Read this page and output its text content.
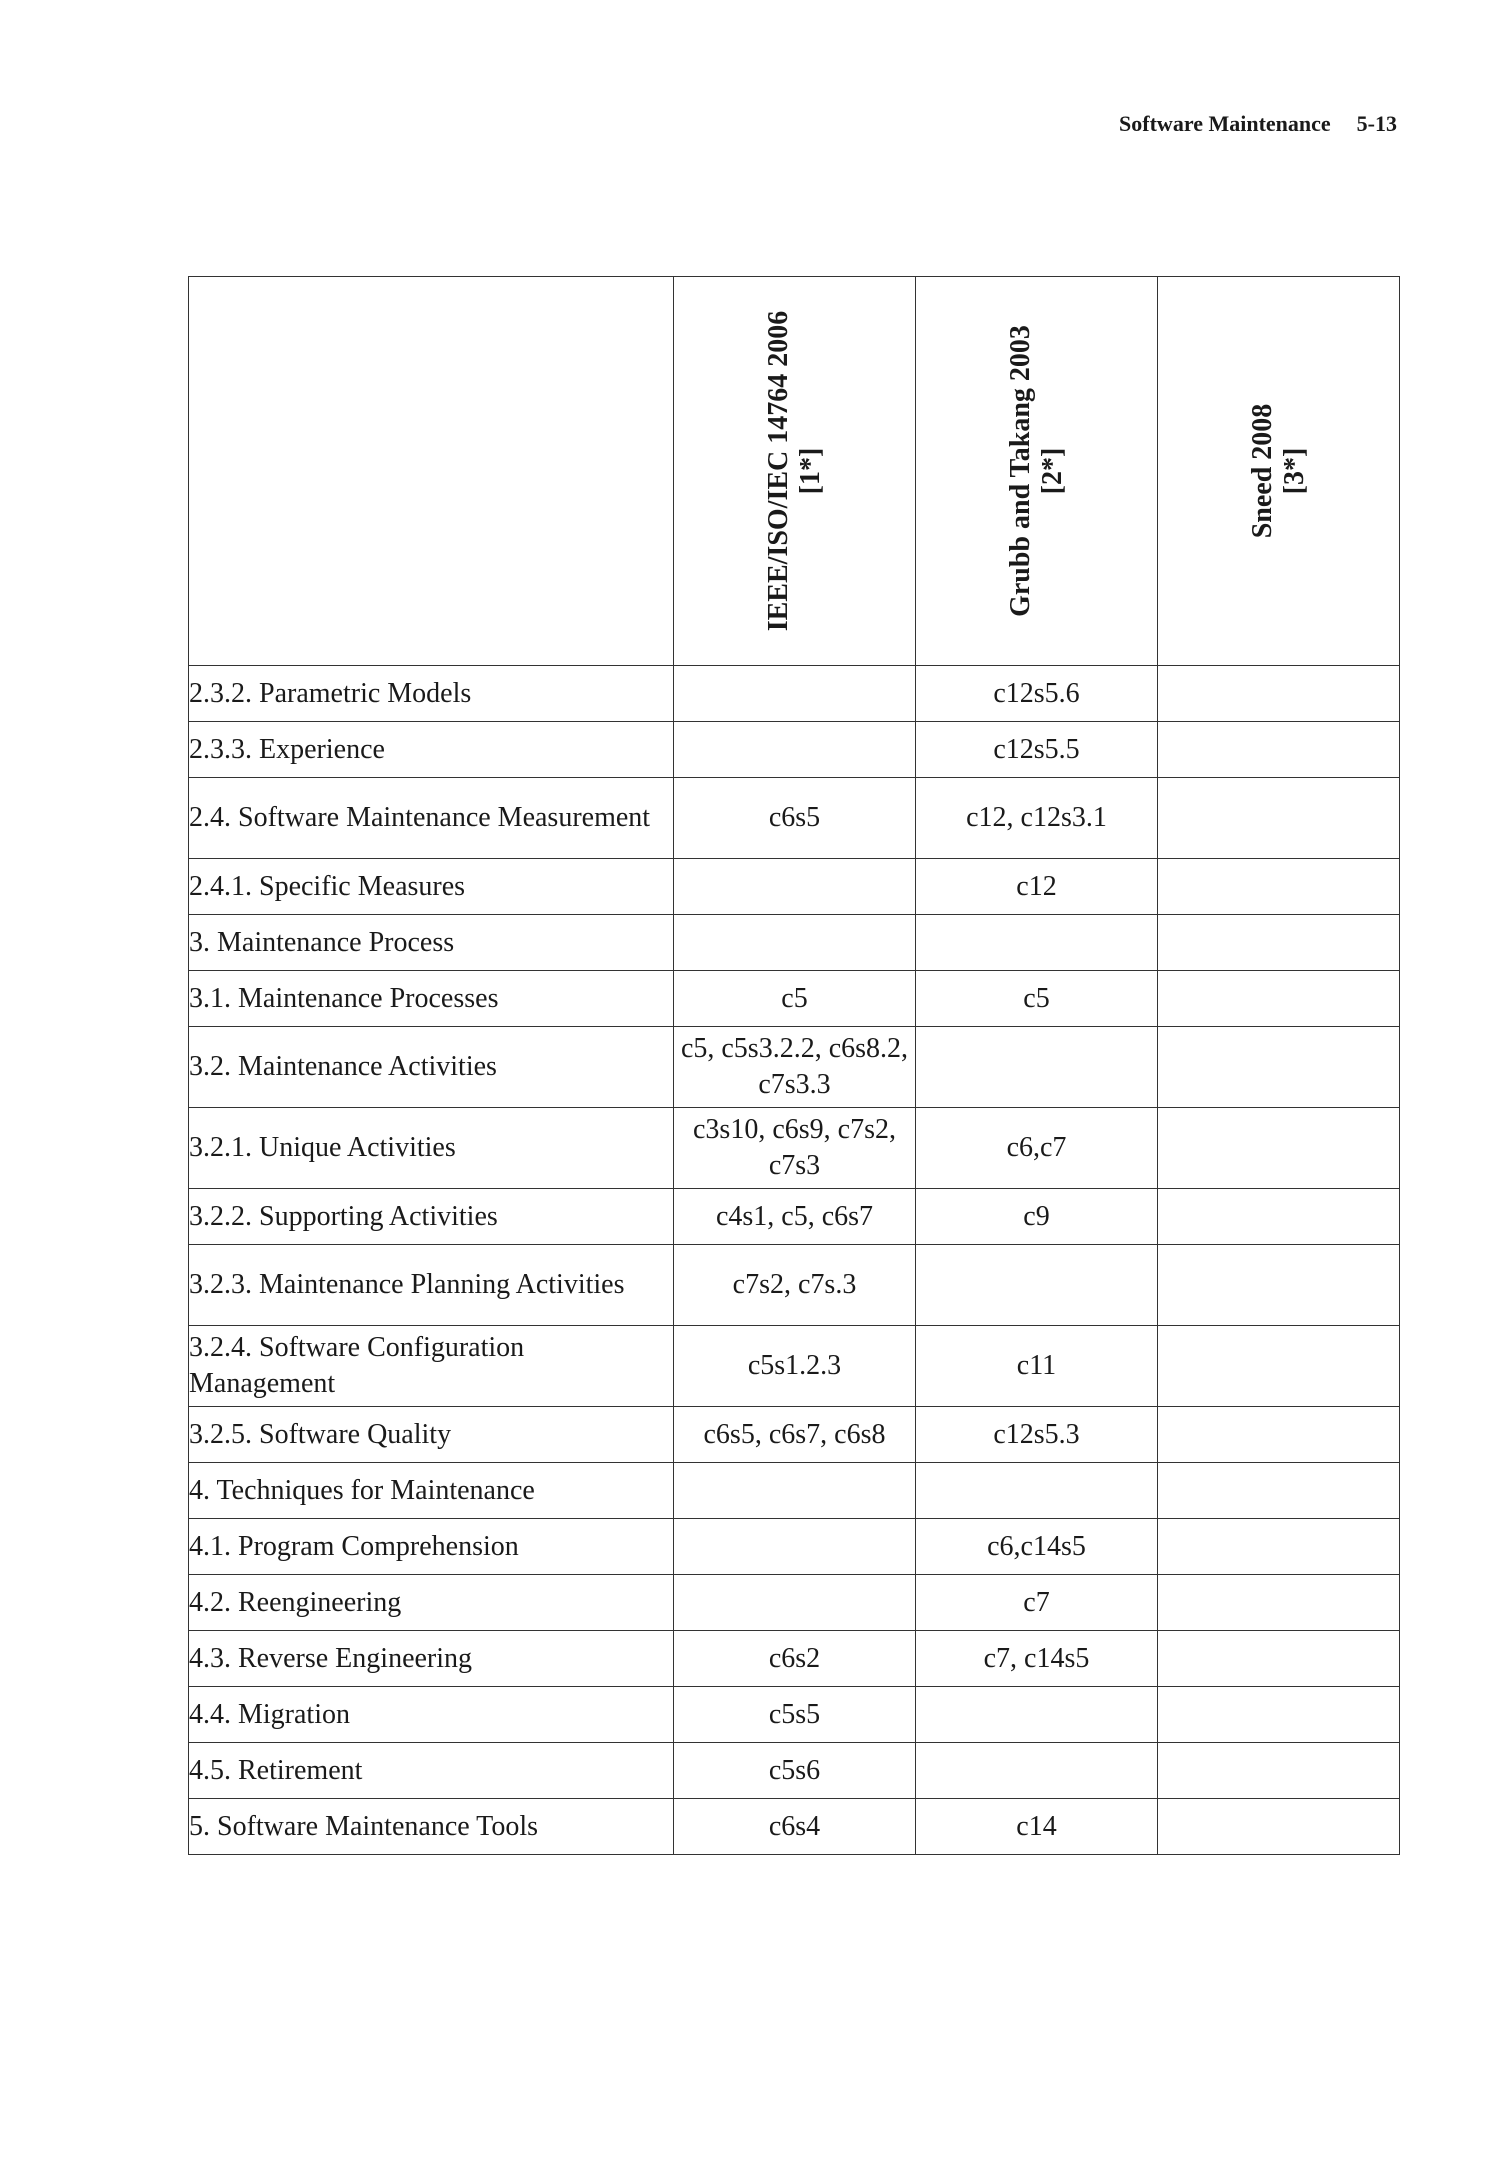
Software Maintenance 5-13

	IEEE/ISO/IEC 14764 2006 [1*]	Grubb and Takang 2003 [2*]	Sneed 2008 [3*]

2.3.2. Parametric Models		c12s5.6	
2.3.3. Experience		c12s5.5	
2.4. Software Maintenance Measurement	c6s5	c12, c12s3.1	
2.4.1. Specific Measures		c12	
3. Maintenance Process			
3.1. Maintenance Processes	c5	c5	
3.2. Maintenance Activities	c5, c5s3.2.2, c6s8.2, c7s3.3		
3.2.1. Unique Activities	c3s10, c6s9, c7s2, c7s3	c6,c7	
3.2.2. Supporting Activities	c4s1, c5, c6s7	c9	
3.2.3. Maintenance Planning Activities	c7s2, c7s.3		
3.2.4. Software Configuration Management	c5s1.2.3	c11	
3.2.5. Software Quality	c6s5, c6s7, c6s8	c12s5.3	
4. Techniques for Maintenance			
4.1. Program Comprehension		c6,c14s5	
4.2. Reengineering		c7	
4.3. Reverse Engineering	c6s2	c7, c14s5	
4.4. Migration	c5s5		
4.5. Retirement	c5s6		
5. Software Maintenance Tools	c6s4	c14	
